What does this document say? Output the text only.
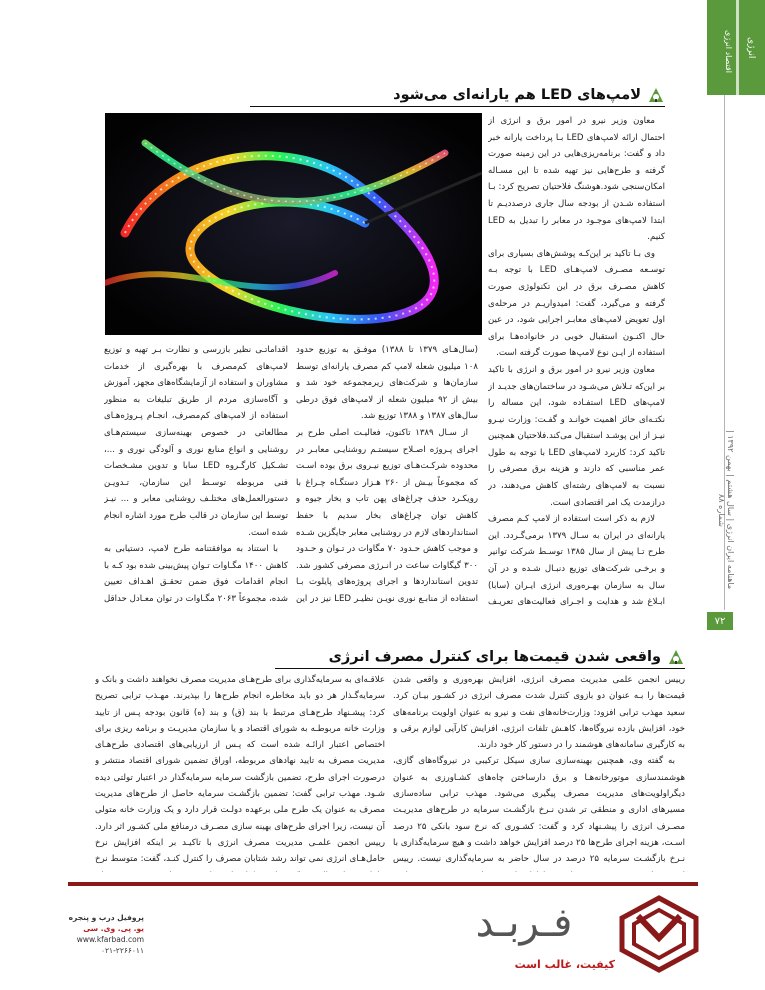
انرژی
اقتصاد انرژی
ماهنامه ایران انرژی | سال هشتم | بهمن ۱۳۹۲ | شماره ۸۸
۷۲
لامپ‌های LED هم یارانه‌ای می‌شود

معاون وزیر نیرو در امور برق و انرژی از احتمال ارائه لامپ‌های LED بـا پرداخت یارانه خبر داد و گفت: برنامه‌ریزی‌هایی در این زمینه صورت گرفته و طرح‌هایی نیز تهیه شده تا این مسـاله امکان‌سنجی شود.هوشنگ فلاحتیان تصریح کرد: بـا استفاده شـدن از بودجه سال جاری درصددیـم تا ابتدا لامپ‌های موجـود در معابر را تبدیل به LED کنیم.

وی بـا تاکید بر این‌کـه پوشش‌های بسیاری برای توسـعه مصـرف لامپ‌هـای LED با توجه بـه کاهش مصـرف برق در این تکنولوژی صورت گرفته و می‌گیرد، گفت: امیدواریـم در مرحله‌ی اول تعویض لامپ‌های معابـر اجرایی شود، در عین حال اکنـون استقبال خوبی در خانواده‌هـا برای استفاده از ایـن نوع لامپ‌ها صورت گرفته است.

معاون وزیر نیرو در امور برق و انرژی با تاکید بر این‌که تـلاش می‌شـود در ساختمان‌های جدیـد از لامپ‌های LED استفـاده شود، این مساله را نکتـه‌ای حائز اهمیت خوانـد و گفـت: وزارت نیـرو نیـز از این پوشـد استقبال می‌کند.فلاحتیان همچنین تاکید کرد: کاربرد لامپ‌های LED با توجه به طول عمر مناسبی که دارند و هزینه برق مصرفی را نسبت به لامپ‌های رشته‌ای کاهش می‌دهند، در درازمدت یک امر اقتصادی است.

لازم به ذکر است استفاده از لامپ کـم مصرف یارانه‌ای در ایران به سـال ۱۳۷۹ برمی‌گـردد. این طرح تـا پیش از سال ۱۳۸۵ توسـط شرکت توانیر و برخـی شرکت‌های توزیع دنبـال شـده و در آن سال به سازمان بهـره‌وری انرژی ایـران (سابا) ابـلاغ شد و هدایت و اجـرای فعالیت‌های تعریـف

(سال‌هـای ۱۳۷۹ تا ۱۳۸۸) موفـق به توزیع حدود ۱۰۸ میلیون شعله لامپ کم مصرف یارانه‌ای توسط سازمان‌ها و شرکت‌های زیرمجموعه خود شد و بیش از ۹۲ میلیون شعله از لامپ‌های فوق درطی سال‌های ۱۳۸۷ و ۱۳۸۸ توزیع شد.

از سـال ۱۳۸۹ تاکنون، فعالیـت اصلی طرح بر اجرای پـروژه اصـلاح سیستـم روشنایـی معابـر در محدوده شرکـت‌هـای توزیع نیـروی برق بوده اسـت که مجموعاً بیـش از ۲۶۰ هـزار دستگـاه چـراغ با رویکـرد حذف چراغ‌های پهن تاب و بخار جیوه و کاهش توان چراغ‌های بخار سدیم با حفظ استانداردهای لازم در روشنایی معابر جایگزین شـده و موجب کاهش حـدود ۷۰ مگاوات در تـوان و حـدود ۳۰۰ گیگاوات ساعت در انـرژی مصرفی کشور شد. تدوین استانداردها و اجرای پروژه‌های پایلوت بـا استفاده از منابـع نوری نویـن نظیـر LED نیز در این

اقداماتـی نظیر بازرسی و نظارت بـر تهیه و توزیع لامپ‌های کم‌مصرف با بهره‌گیری از خدمات مشاوران و استفاده از آزمایشگاه‌های مجهز، آموزش و آگاه‌سازی مردم از طریق تبلیغات به منظور استفاده از لامپ‌های کم‌مصرف، انجـام پـروژه‌هـای مطالعاتی در خصوص بهینه‌سازی سیستم‌هـای روشنایی و انواع منابع نوری و آلودگی نوری و ...، تشـکیل کارگـروه LED سابا و تدوین مشـخصات فنی مربوطه توسـط این سازمان، تـدویـن دستورالعمل‌های مختلـف روشنایی معابر و ... نیـز توسط این سازمان در قالب طرح مورد اشاره انجام شده است.

با استناد به موافقتنامه طرح لامپ، دستیابی به کاهش ۱۴۰۰ مگـاوات تـوان پیش‌بینی شده بود کـه با انجام اقدامات فوق ضمن تحقـق اهـداف تعیین شده، مجموعاً ۲۰۶۳ مگـاوات در توان معـادل حداقل

واقعی شدن قیمت‌ها برای کنترل مصرف انرژی

رییس انجمن علمی مدیریت مصرف انرژی، افزایش بهره‌وری و واقعی شدن قیمت‌ها را بـه عنوان دو بازوی کنترل شدت مصرف انرژی در کشـور بیـان کرد. سعید مهذب ترابی افزود: وزارت‌خانه‌های نفت و نیرو به عنوان اولویت برنامه‌های خود، افزایش بازده نیروگاه‌ها، کاهـش تلفات انرژی، افزایش کارآیی لوازم برقی و به کارگیری سامانه‌های هوشمند را در دستور کار خود دارند.

به گفته وی، همچنین بهینه‌سازی سازی سیکل ترکیبی در نیروگاه‌های گازی، هوشمندسازی موتورخانه‌هـا و برق دارساختن چاه‌های کشـاورزی به عنوان دیگراولویت‌های مدیریت مصرف پیگیری می‌شود. مهذب ترابی ساده‌سازی مسیرهای اداری و منطقی تر شدن نـرخ بازگشـت سرمایه در طرح‌های مدیریـت مصـرف انرژی را پیشـنهاد کرد و گفت: کشـوری که نرخ سود بانکی ۲۵ درصد اسـت، هزینه اجرای طرح‌ها ۲۵ درصد افزایش خواهد داشت و هیچ سرمایه‌گذاری با نـرخ بازگشـت سرمایه ۲۵ درصد در سال حاضر به سرمایه‌گذاری نیست. رییس

علاقـه‌ای به سرمایه‌گذاری برای طرح‌هـای مدیریت مصرف نخواهند داشت و بانک و سرمایه‌گـذار هر دو باید مخاطره انجام طرح‌ها را بپذیرند. مهـذب ترابی تصریح کرد: پیشـنهاد طرح‌هـای مرتبط با بند (ق) و بند (ه) قانون بودجه پـس از تایید وزارت خانه مربوطـه به شورای اقتصاد و یا سازمان مدیریـت و برنامه ریزی برای اختصاص اعتبار ارائـه شده است که پـس از ارزیابی‌های اقتصادی طرح‌هـای مدیریت مصرف به تایید نهادهای مربوطه، اوراق تضمین شورای اقتصاد منتشر و درصورت اجرای طرح، تضمین بازگشت سرمایه سرمایه‌گذار در اعتبار تولتی دیده شـود. مهذب ترابی گفت: تضمین بازگشـت سرمایه حاصل از طرح‌های مدیریت مصرف به عنوان یک طرح ملی برعهده دولـت قرار دارد و یک وزارت خانه متولی آن نیست، زیرا اجرای طرح‌های بهینه سازی مصـرف درمنافع ملی کشـور اثر دارد. رییس انجمن علمـی مدیریت مصرف انرژی با تاکیـد بر اینکه افزایش نرخ حامل‌هـای انرژی نمی تواند رشد شتابان مصرف را کنترل کنـد، گفت: متوسط نرخ

فـربـد
کیفیت، غالب است
پروفیل درب و پنجره
یو. پی. وی. سی
www.kfarbad.com
۰۲۱-۲۲۶۶۰۱۱
